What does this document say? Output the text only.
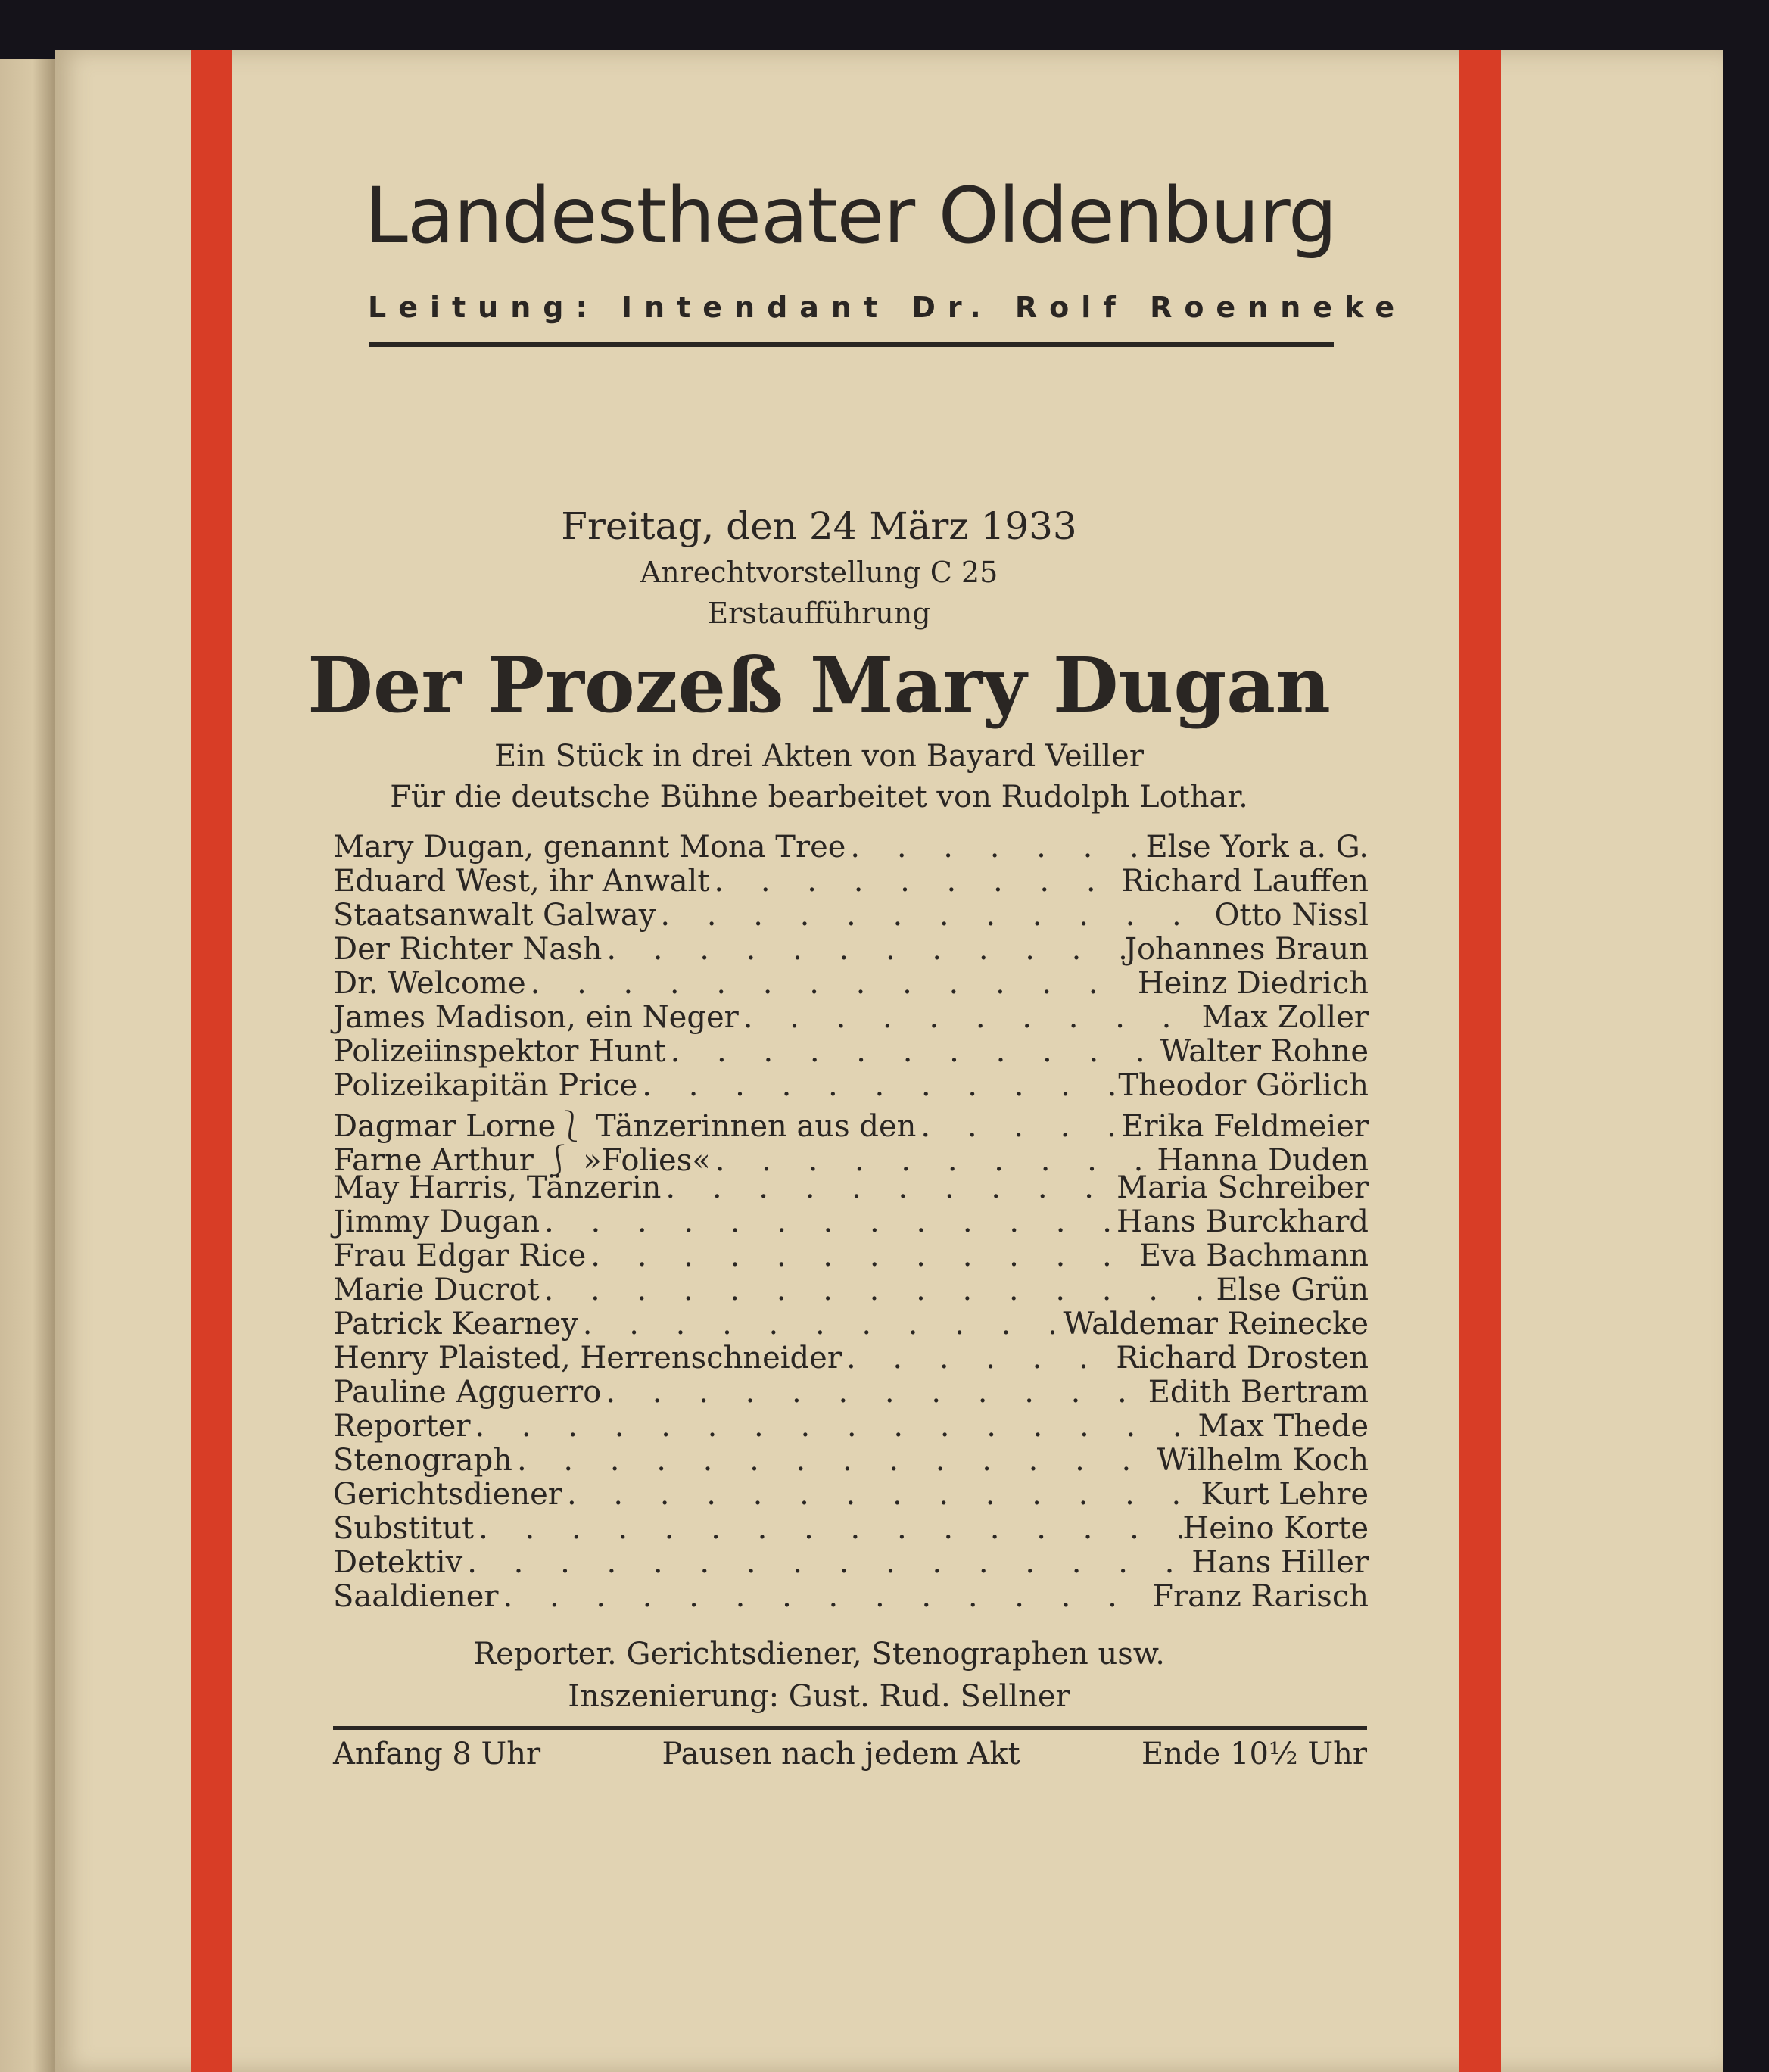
Landestheater Oldenburg
Leitung: Intendant Dr. Rolf Roenneke
Freitag, den 24 März 1933
Anrechtvorstellung C 25
Erstaufführung
Der Prozeß Mary Dugan
Ein Stück in drei Akten von Bayard Veiller
Für die deutsche Bühne bearbeitet von Rudolph Lothar.
Mary Dugan, genannt Mona Tree . . .	Else York a. G.
Eduard West, ihr Anwalt . . .	Richard Lauffen
Staatsanwalt Galway . . .	Otto Nissl
Der Richter Nash . . .	Johannes Braun
Dr. Welcome . . .	Heinz Diedrich
James Madison, ein Neger . . .	Max Zoller
Polizeiinspektor Hunt . . .	Walter Rohne
Polizeikapitän Price . . .	Theodor Görlich
Dagmar Lorne⎱ Tänzerinnen aus den . . .	Erika Feldmeier
Farne Arthur ⎰ »Folies« . . .	Hanna Duden
May Harris, Tänzerin . . .	Maria Schreiber
Jimmy Dugan . . .	Hans Burckhard
Frau Edgar Rice . . .	Eva Bachmann
Marie Ducrot . . .	Else Grün
Patrick Kearney . . .	Waldemar Reinecke
Henry Plaisted, Herrenschneider . . .	Richard Drosten
Pauline Agguerro . . .	Edith Bertram
Reporter . . .	Max Thede
Stenograph . . .	Wilhelm Koch
Gerichtsdiener . . .	Kurt Lehre
Substitut . . .	Heino Korte
Detektiv . . .	Hans Hiller
Saaldiener . . .	Franz Rarisch
Reporter. Gerichtsdiener, Stenographen usw.
Inszenierung: Gust. Rud. Sellner
Anfang 8 Uhr	Pausen nach jedem Akt	Ende 10½ Uhr
